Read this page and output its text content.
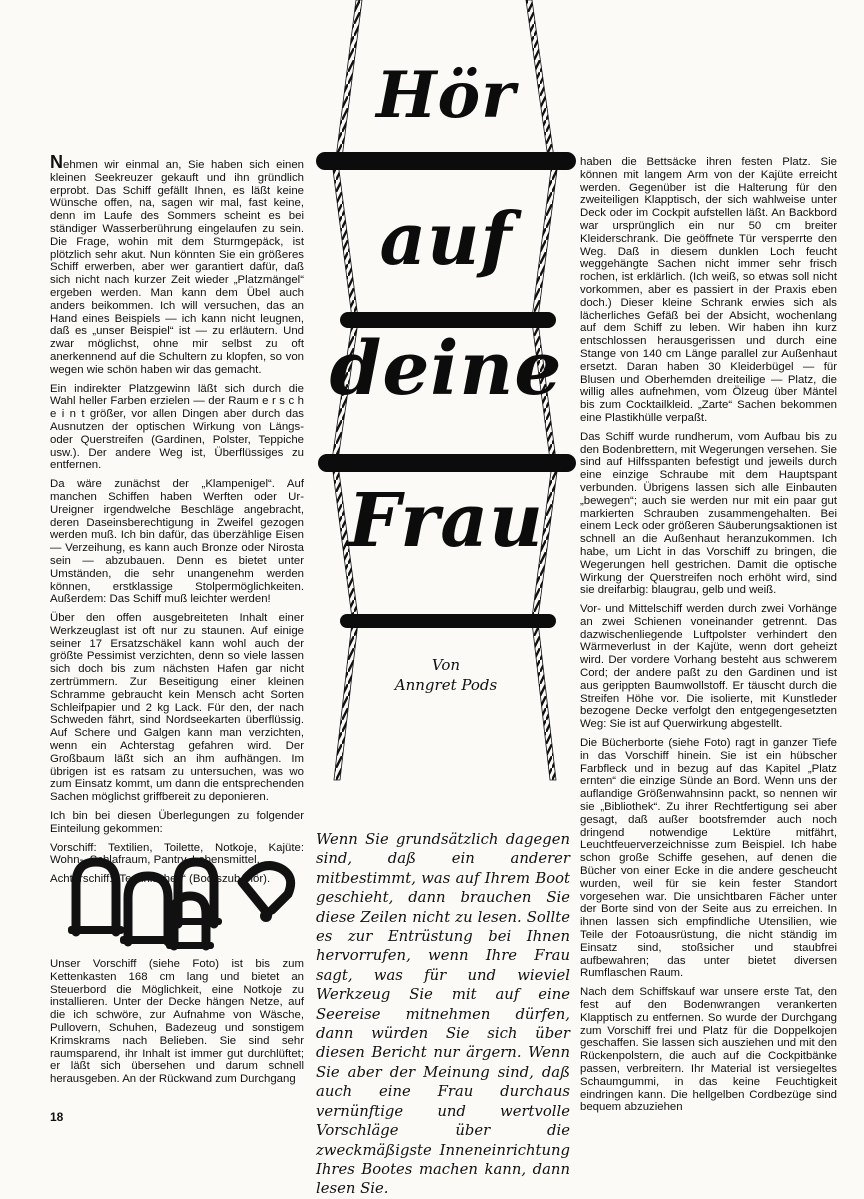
Nehmen wir einmal an, Sie haben sich einen kleinen Seekreuzer gekauft und ihn gründlich erprobt. Das Schiff gefällt Ihnen, es läßt keine Wünsche offen, na, sagen wir mal, fast keine, denn im Laufe des Sommers scheint es bei ständiger Wasserberührung eingelaufen zu sein. Die Frage, wohin mit dem Sturmgepäck, ist plötzlich sehr akut. Nun könnten Sie ein größeres Schiff erwerben, aber wer garantiert dafür, daß sich nicht nach kurzer Zeit wieder „Platzmängel“ ergeben werden. Man kann dem Übel auch anders beikommen. Ich will versuchen, das an Hand eines Beispiels — ich kann nicht leugnen, daß es „unser Beispiel“ ist — zu erläutern. Und zwar möglichst, ohne mir selbst zu oft anerkennend auf die Schultern zu klopfen, so von wegen wie schön haben wir das gemacht.

Ein indirekter Platzgewinn läßt sich durch die Wahl heller Farben erzielen — der Raum e r s c h e i n t größer, vor allen Dingen aber durch das Ausnutzen der optischen Wirkung von Längs- oder Querstreifen (Gardinen, Polster, Teppiche usw.). Der andere Weg ist, Überflüssiges zu entfernen.

Da wäre zunächst der „Klampenigel“. Auf manchen Schiffen haben Werften oder Ur-Ureigner irgendwelche Beschläge angebracht, deren Daseinsberechtigung in Zweifel gezogen werden muß. Ich bin dafür, das überzählige Eisen — Verzeihung, es kann auch Bronze oder Nirosta sein — abzubauen. Denn es bietet unter Umständen, die sehr unangenehm werden können, erstklassige Stolpermöglichkeiten. Außerdem: Das Schiff muß leichter werden!

Über den offen ausgebreiteten Inhalt einer Werkzeuglast ist oft nur zu staunen. Auf einige seiner 17 Ersatzschäkel kann wohl auch der größte Pessimist verzichten, denn so viele lassen sich doch bis zum nächsten Hafen gar nicht zertrümmern. Zur Beseitigung einer kleinen Schramme gebraucht kein Mensch acht Sorten Schleifpapier und 2 kg Lack. Für den, der nach Schweden fährt, sind Nordseekarten überflüssig. Auf Schere und Galgen kann man verzichten, wenn ein Achterstag gefahren wird. Der Großbaum läßt sich an ihm aufhängen. Im übrigen ist es ratsam zu untersuchen, was wo zum Einsatz kommt, um dann die entsprechenden Sachen möglichst griffbereit zu deponieren.

Ich bin bei diesen Überlegungen zu folgender Einteilung gekommen:

Vorschiff: Textilien, Toilette, Notkoje, Kajüte: Wohn-, Schlafraum, Pantry, Lebensmittel,

Achterschiff: „Technisches“ (Bootszubehör).

Unser Vorschiff (siehe Foto) ist bis zum Kettenkasten 168 cm lang und bietet an Steuerbord die Möglichkeit, eine Notkoje zu installieren. Unter der Decke hängen Netze, auf die ich schwöre, zur Aufnahme von Wäsche, Pullovern, Schuhen, Badezeug und sonstigem Krimskrams nach Belieben. Sie sind sehr raumsparend, ihr Inhalt ist immer gut durchlüftet; er läßt sich übersehen und darum schnell herausgeben. An der Rückwand zum Durchgang

Hör
auf
deine
Frau
Von
Anngret Pods
Wenn Sie grundsätzlich dagegen sind, daß ein anderer mitbestimmt, was auf Ihrem Boot geschieht, dann brauchen Sie diese Zeilen nicht zu lesen. Sollte es zur Entrüstung bei Ihnen hervorrufen, wenn Ihre Frau sagt, was für und wieviel Werkzeug Sie mit auf eine Seereise mitnehmen dürfen, dann würden Sie sich über diesen Bericht nur ärgern. Wenn Sie aber der Meinung sind, daß auch eine Frau durchaus vernünftige und wertvolle Vorschläge über die zweckmäßigste Inneneinrichtung Ihres Bootes machen kann, dann lesen Sie.

haben die Bettsäcke ihren festen Platz. Sie können mit langem Arm von der Kajüte erreicht werden. Gegenüber ist die Halterung für den zweiteiligen Klapptisch, der sich wahlweise unter Deck oder im Cockpit aufstellen läßt. An Backbord war ursprünglich ein nur 50 cm breiter Kleiderschrank. Die geöffnete Tür versperrte den Weg. Daß in diesem dunklen Loch feucht weggehängte Sachen nicht immer sehr frisch rochen, ist erklärlich. (Ich weiß, so etwas soll nicht vorkommen, aber es passiert in der Praxis eben doch.) Dieser kleine Schrank erwies sich als lächerliches Gefäß bei der Absicht, wochenlang auf dem Schiff zu leben. Wir haben ihn kurz entschlossen herausgerissen und durch eine Stange von 140 cm Länge parallel zur Außenhaut ersetzt. Daran haben 30 Kleiderbügel — für Blusen und Oberhemden dreiteilige — Platz, die willig alles aufnehmen, vom Ölzeug über Mäntel bis zum Cocktailkleid. „Zarte“ Sachen bekommen eine Plastikhülle verpaßt.

Das Schiff wurde rundherum, vom Aufbau bis zu den Bodenbrettern, mit Wegerungen versehen. Sie sind auf Hilfsspanten befestigt und jeweils durch eine einzige Schraube mit dem Hauptspant verbunden. Übrigens lassen sich alle Einbauten „bewegen“; auch sie werden nur mit ein paar gut markierten Schrauben zusammengehalten. Bei einem Leck oder größeren Säuberungsaktionen ist schnell an die Außenhaut heranzukommen. Ich habe, um Licht in das Vorschiff zu bringen, die Wegerungen hell gestrichen. Damit die optische Wirkung der Querstreifen noch erhöht wird, sind sie dreifarbig: blaugrau, gelb und weiß.

Vor- und Mittelschiff werden durch zwei Vorhänge an zwei Schienen voneinander getrennt. Das dazwischenliegende Luftpolster verhindert den Wärmeverlust in der Kajüte, wenn dort geheizt wird. Der vordere Vorhang besteht aus schwerem Cord; der andere paßt zu den Gardinen und ist aus gerippten Baumwollstoff. Er täuscht durch die Streifen Höhe vor. Die isolierte, mit Kunstleder bezogene Decke verfolgt den entgegengesetzten Weg: Sie ist auf Querwirkung abgestellt.

Die Bücherborte (siehe Foto) ragt in ganzer Tiefe in das Vorschiff hinein. Sie ist ein hübscher Farbfleck und in bezug auf das Kapitel „Platz ernten“ die einzige Sünde an Bord. Wenn uns der auflandige Größenwahnsinn packt, so nennen wir sie „Bibliothek“. Zu ihrer Rechtfertigung sei aber gesagt, daß außer bootsfremder auch noch dringend notwendige Lektüre mitfährt, Leuchtfeuerverzeichnisse zum Beispiel. Ich habe schon große Schiffe gesehen, auf denen die Bücher von einer Ecke in die andere gescheucht wurden, weil für sie kein fester Standort vorgesehen war. Die unsichtbaren Fächer unter der Borte sind von der Seite aus zu erreichen. In ihnen lassen sich empfindliche Utensilien, wie Teile der Fotoausrüstung, die nicht ständig im Einsatz sind, stoßsicher und staubfrei aufbewahren; das unter bietet diversen Rumflaschen Raum.

Nach dem Schiffskauf war unsere erste Tat, den fest auf den Bodenwrangen verankerten Klapptisch zu entfernen. So wurde der Durchgang zum Vorschiff frei und Platz für die Doppelkojen geschaffen. Sie lassen sich ausziehen und mit den Rückenpolstern, die auch auf die Cockpitbänke passen, verbreitern. Ihr Material ist versiegeltes Schaumgummi, in das keine Feuchtigkeit eindringen kann. Die hellgelben Cordbezüge sind bequem abzuziehen

18
